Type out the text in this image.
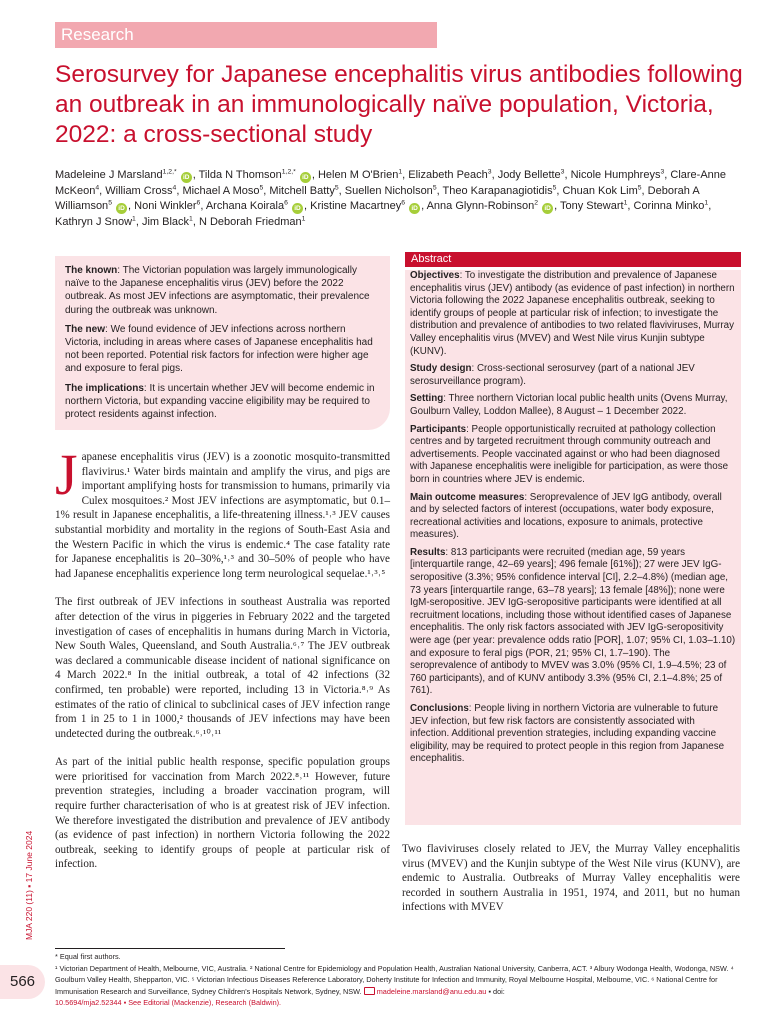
Research
Serosurvey for Japanese encephalitis virus antibodies following an outbreak in an immunologically naïve population, Victoria, 2022: a cross-sectional study
Madeleine J Marsland$^{1,2,*}$ iD , Tilda N Thomson$^{1,2,*}$ iD , Helen M O'Brien$^1$, Elizabeth Peach$^3$, Jody Bellette$^3$, Nicole Humphreys$^3$, Clare-Anne McKeon$^4$, William Cross$^4$, Michael A Moso$^5$, Mitchell Batty$^5$, Suellen Nicholson$^5$, Theo Karapanagiotidis$^5$, Chuan Kok Lim$^5$, Deborah A Williamson$^5$ iD , Noni Winkler$^6$, Archana Koirala$^6$ iD , Kristine Macartney$^6$ iD , Anna Glynn-Robinson$^2$ iD , Tony Stewart$^1$, Corinna Minko$^1$, Kathryn J Snow$^1$, Jim Black$^1$, N Deborah Friedman$^1$

The known: The Victorian population was largely immunologically naïve to the Japanese encephalitis virus (JEV) before the 2022 outbreak. As most JEV infections are asymptomatic, their prevalence during the outbreak was unknown.

The new: We found evidence of JEV infections across northern Victoria, including in areas where cases of Japanese encephalitis had not been reported. Potential risk factors for infection were higher age and exposure to feral pigs.

The implications: It is uncertain whether JEV will become endemic in northern Victoria, but expanding vaccine eligibility may be required to protect residents against infection.

Abstract

Objectives: To investigate the distribution and prevalence of Japanese encephalitis virus (JEV) antibody (as evidence of past infection) in northern Victoria following the 2022 Japanese encephalitis outbreak, seeking to identify groups of people at particular risk of infection; to investigate the distribution and prevalence of antibodies to two related flaviviruses, Murray Valley encephalitis virus (MVEV) and West Nile virus Kunjin subtype (KUNV).

Study design: Cross-sectional serosurvey (part of a national JEV serosurveillance program).

Setting: Three northern Victorian local public health units (Ovens Murray, Goulburn Valley, Loddon Mallee), 8 August – 1 December 2022.

Participants: People opportunistically recruited at pathology collection centres and by targeted recruitment through community outreach and advertisements. People vaccinated against or who had been diagnosed with Japanese encephalitis were ineligible for participation, as were those born in countries where JEV is endemic.

Main outcome measures: Seroprevalence of JEV IgG antibody, overall and by selected factors of interest (occupations, water body exposure, recreational activities and locations, exposure to animals, protective measures).

Results: 813 participants were recruited (median age, 59 years [interquartile range, 42–69 years]; 496 female [61%]); 27 were JEV IgG-seropositive (3.3%; 95% confidence interval [CI], 2.2–4.8%) (median age, 73 years [interquartile range, 63–78 years]; 13 female [48%]); none were IgM-seropositive. JEV IgG-seropositive participants were identified at all recruitment locations, including those without identified cases of Japanese encephalitis. The only risk factors associated with JEV IgG-seropositivity were age (per year: prevalence odds ratio [POR], 1.07; 95% CI, 1.03–1.10) and exposure to feral pigs (POR, 21; 95% CI, 1.7–190). The seroprevalence of antibody to MVEV was 3.0% (95% CI, 1.9–4.5%; 23 of 760 participants), and of KUNV antibody 3.3% (95% CI, 2.1–4.8%; 25 of 761).

Conclusions: People living in northern Victoria are vulnerable to future JEV infection, but few risk factors are consistently associated with infection. Additional prevention strategies, including expanding vaccine eligibility, may be required to protect people in this region from Japanese encephalitis.

Japanese encephalitis virus (JEV) is a zoonotic mosquito-transmitted flavivirus.¹ Water birds maintain and amplify the virus, and pigs are important amplifying hosts for transmission to humans, primarily via Culex mosquitoes.² Most JEV infections are asymptomatic, but 0.1–1% result in Japanese encephalitis, a life-threatening illness.¹˒³ JEV causes substantial morbidity and mortality in the regions of South-East Asia and the Western Pacific in which the virus is endemic.⁴ The case fatality rate for Japanese encephalitis is 20–30%,¹˒³ and 30–50% of people who have had Japanese encephalitis experience long term neurological sequelae.¹˒³˒⁵

The first outbreak of JEV infections in southeast Australia was reported after detection of the virus in piggeries in February 2022 and the targeted investigation of cases of encephalitis in humans during March in Victoria, New South Wales, Queensland, and South Australia.⁶˒⁷ The JEV outbreak was declared a communicable disease incident of national significance on 4 March 2022.⁸ In the initial outbreak, a total of 42 infections (32 confirmed, ten probable) were reported, including 13 in Victoria.⁸˒⁹ As estimates of the ratio of clinical to subclinical cases of JEV infection range from 1 in 25 to 1 in 1000,² thousands of JEV infections may have been undetected during the outbreak.⁶˒¹⁰˒¹¹

As part of the initial public health response, specific population groups were prioritised for vaccination from March 2022.⁸˒¹¹ However, future prevention strategies, including a broader vaccination program, will require further characterisation of who is at greatest risk of JEV infection. We therefore investigated the distribution and prevalence of JEV antibody (as evidence of past infection) in northern Victoria following the 2022 outbreak, seeking to identify groups of people at particular risk of infection.

Two flaviviruses closely related to JEV, the Murray Valley encephalitis virus (MVEV) and the Kunjin subtype of the West Nile virus (KUNV), are endemic to Australia. Outbreaks of Murray Valley encephalitis were recorded in southern Australia in 1951, 1974, and 2011, but no human infections with MVEV

MJA 220 (11) ▪ 17 June 2024
566
* Equal first authors.
¹ Victorian Department of Health, Melbourne, VIC, Australia. ² National Centre for Epidemiology and Population Health, Australian National University, Canberra, ACT. ³ Albury Wodonga Health, Wodonga, NSW. ⁴ Goulburn Valley Health, Shepparton, VIC. ⁵ Victorian Infectious Diseases Reference Laboratory, Doherty Institute for Infection and Immunity, Royal Melbourne Hospital, Melbourne, VIC. ⁶ National Centre for Immunisation Research and Surveillance, Sydney Children's Hospitals Network, Sydney, NSW. madeleine.marsland@anu.edu.au ▪ doi:
10.5694/mja2.52344 ▪ See Editorial (Mackenzie), Research (Baldwin).
